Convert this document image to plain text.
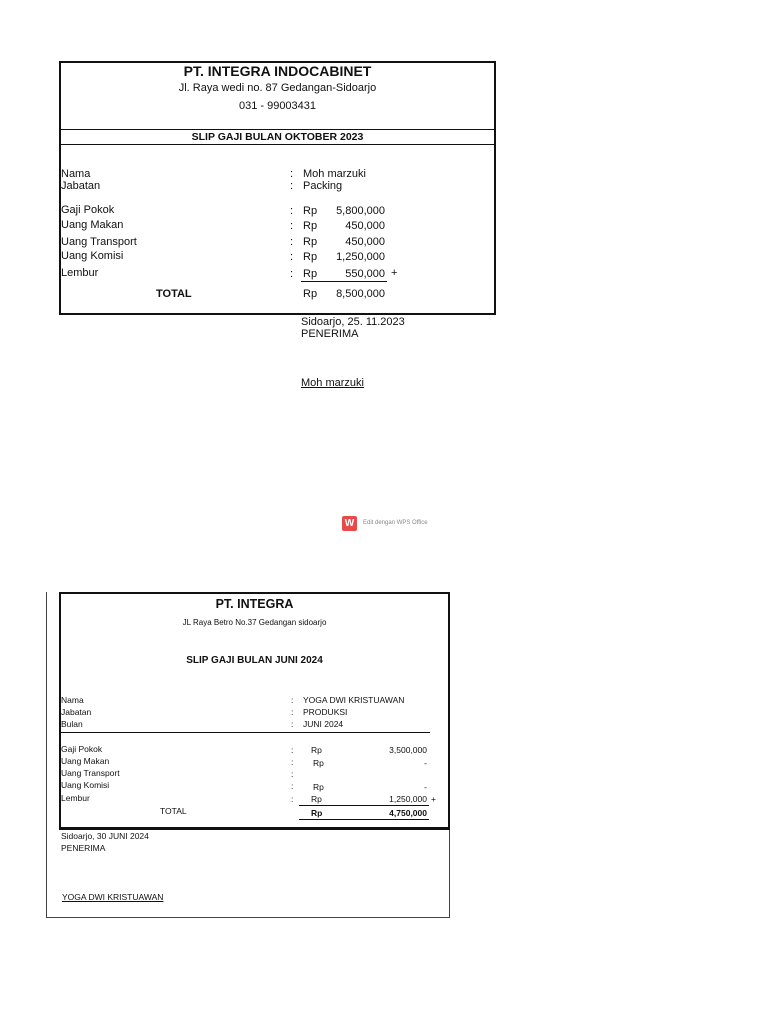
PT. INTEGRA INDOCABINET
Jl. Raya wedi no. 87 Gedangan-Sidoarjo
031 - 99003431
SLIP GAJI BULAN OKTOBER 2023
Nama	: Moh marzuki
Jabatan	: Packing
Gaji Pokok	: Rp	5,800,000
Uang Makan	: Rp	450,000
Uang Transport	: Rp	450,000
Uang Komisi	: Rp	1,250,000
Lembur	: Rp	550,000 +
TOTAL	Rp	8,500,000
Sidoarjo, 25. 11.2023
PENERIMA
Moh marzuki
W	Edit dengan WPS Office
PT. INTEGRA
JL Raya Betro No.37 Gedangan sidoarjo
SLIP GAJI BULAN JUNI 2024
Nama	: YOGA DWI KRISTUAWAN
Jabatan	: PRODUKSI
Bulan	: JUNI 2024
Gaji Pokok	: Rp	3,500,000
Uang Makan	: Rp	-
Uang Transport	:
Uang Komisi	: Rp	-
Lembur	: Rp	1,250,000 +
TOTAL	Rp	4,750,000
Sidoarjo, 30 JUNI 2024
PENERIMA
YOGA DWI KRISTUAWAN
